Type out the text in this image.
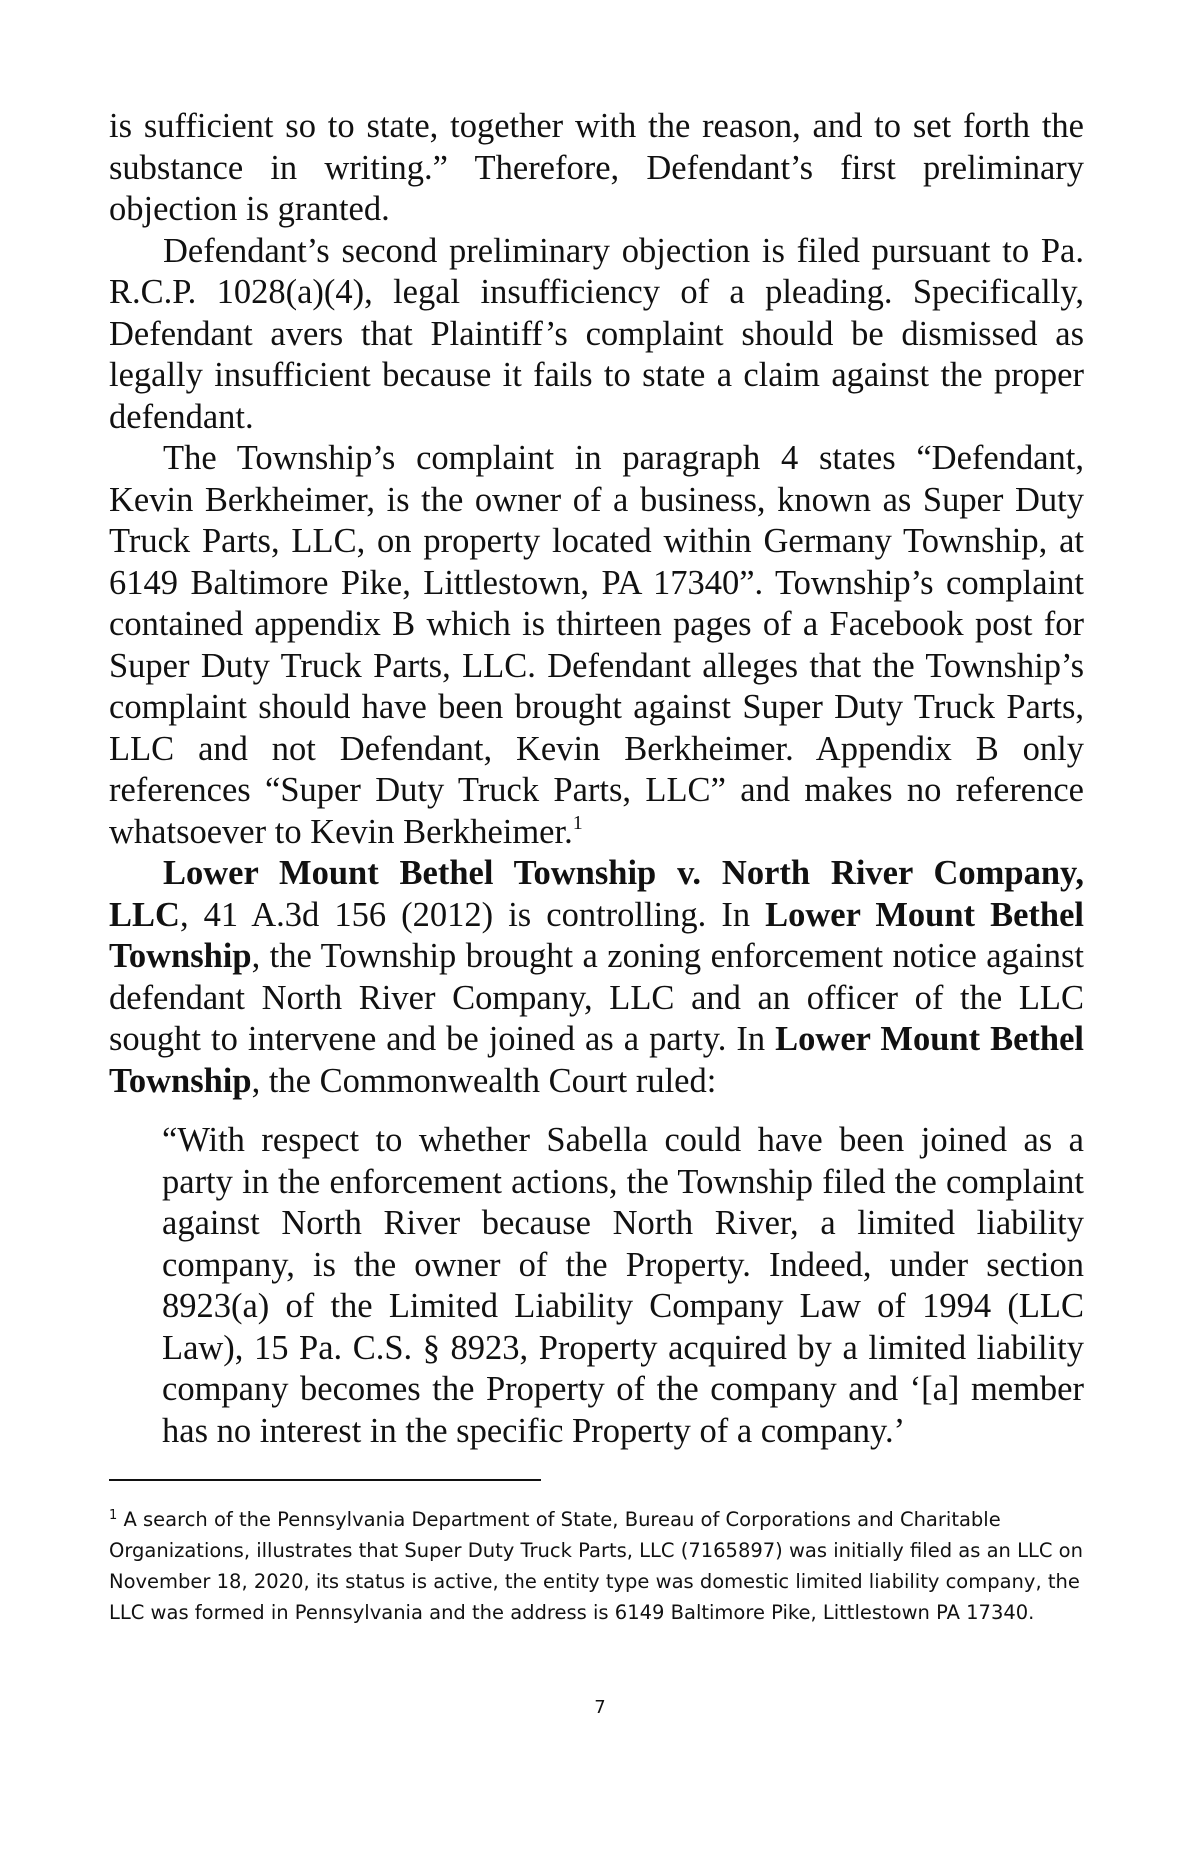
is sufficient so to state, together with the reason, and to set forth the substance in writing.” Therefore, Defendant’s first preliminary objection is granted.

Defendant’s second preliminary objection is filed pursuant to Pa. R.C.P. 1028(a)(4), legal insufficiency of a pleading. Specifically, Defendant avers that Plaintiff’s complaint should be dismissed as legally insufficient because it fails to state a claim against the proper defendant.

The Township’s complaint in paragraph 4 states “Defendant, Kevin Berkheimer, is the owner of a business, known as Super Duty Truck Parts, LLC, on property located within Germany Township, at 6149 Baltimore Pike, Littlestown, PA 17340”. Township’s complaint contained appendix B which is thirteen pages of a Facebook post for Super Duty Truck Parts, LLC. Defendant alleges that the Township’s complaint should have been brought against Super Duty Truck Parts, LLC and not Defendant, Kevin Berkheimer. Appendix B only references “Super Duty Truck Parts, LLC” and makes no reference whatsoever to Kevin Berkheimer.$^1$

Lower Mount Bethel Township v. North River Company, LLC, 41 A.3d 156 (2012) is controlling. In Lower Mount Bethel Township, the Township brought a zoning enforcement notice against defendant North River Company, LLC and an officer of the LLC sought to intervene and be joined as a party. In Lower Mount Bethel Township, the Commonwealth Court ruled:

“With respect to whether Sabella could have been joined as a party in the enforcement actions, the Township filed the complaint against North River because North River, a limited liability company, is the owner of the Property. Indeed, under section 8923(a) of the Limited Liability Company Law of 1994 (LLC Law), 15 Pa. C.S. § 8923, Property acquired by a limited liability company becomes the Property of the company and ‘[a] member has no interest in the specific Property of a company.’

$^1$ A search of the Pennsylvania Department of State, Bureau of Corporations and Charitable Organizations, illustrates that Super Duty Truck Parts, LLC (7165897) was initially filed as an LLC on November 18, 2020, its status is active, the entity type was domestic limited liability company, the LLC was formed in Pennsylvania and the address is 6149 Baltimore Pike, Littlestown PA 17340.

7
